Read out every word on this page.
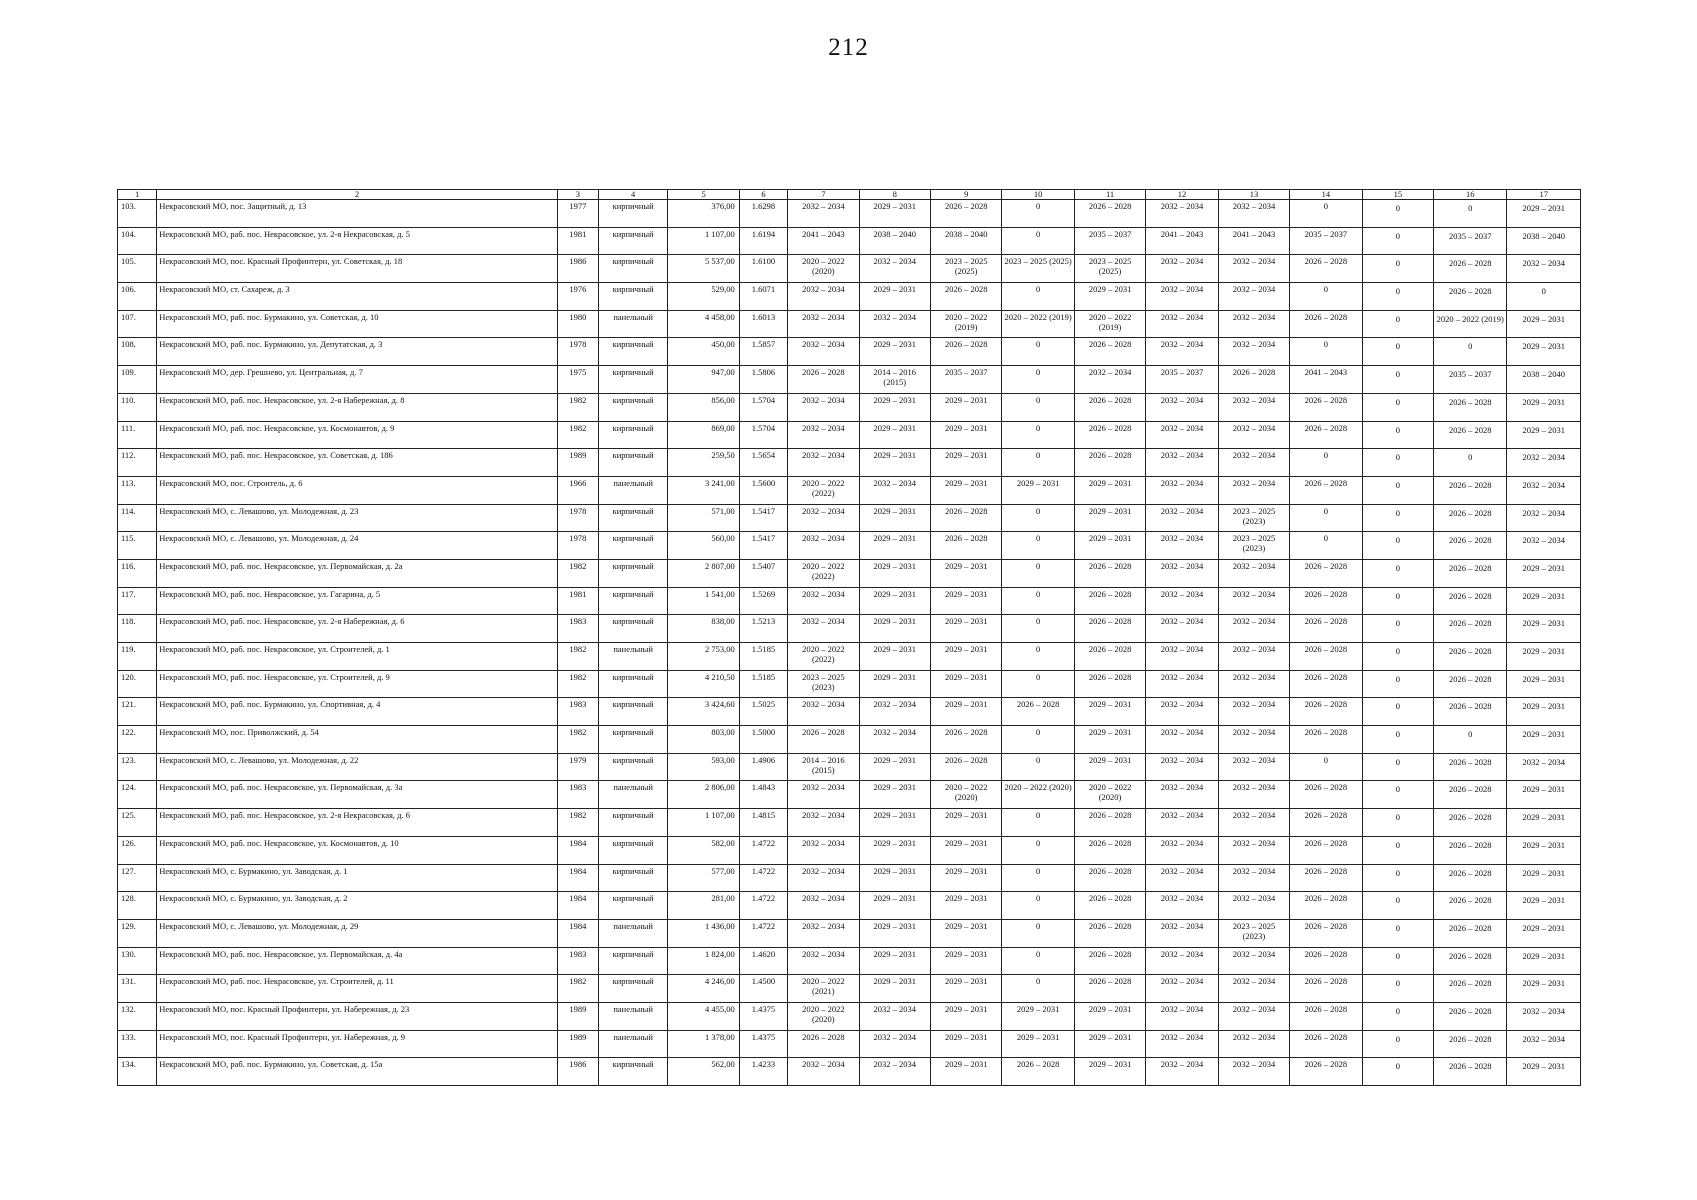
212
1	2	3	4	5	6	7	8	9	10	11	12	13	14	15	16	17
103.	Некрасовский МО, пос. Защитный, д. 13	1977	кирпичный	376,00	1.6298	2032 – 2034	2029 – 2031	2026 – 2028	0	2026 – 2028	2032 – 2034	2032 – 2034	0	0	0	2029 – 2031
104.	Некрасовский МО, раб. пос. Некрасовское, ул. 2-я Некрасовская, д. 5	1981	кирпичный	1 107,00	1.6194	2041 – 2043	2038 – 2040	2038 – 2040	0	2035 – 2037	2041 – 2043	2041 – 2043	2035 – 2037	0	2035 – 2037	2038 – 2040
105.	Некрасовский МО, пос. Красный Профинтерн, ул. Советская, д. 18	1986	кирпичный	5 537,00	1.6100	2020 – 2022 (2020)	2032 – 2034	2023 – 2025 (2025)	2023 – 2025 (2025)	2023 – 2025 (2025)	2032 – 2034	2032 – 2034	2026 – 2028	0	2026 – 2028	2032 – 2034
106.	Некрасовский МО, ст. Сахареж, д. 3	1976	кирпичный	529,00	1.6071	2032 – 2034	2029 – 2031	2026 – 2028	0	2029 – 2031	2032 – 2034	2032 – 2034	0	0	2026 – 2028	0
107.	Некрасовский МО, раб. пос. Бурмакино, ул. Советская, д. 10	1980	панельный	4 458,00	1.6013	2032 – 2034	2032 – 2034	2020 – 2022 (2019)	2020 – 2022 (2019)	2020 – 2022 (2019)	2032 – 2034	2032 – 2034	2026 – 2028	0	2020 – 2022 (2019)	2029 – 2031
108.	Некрасовский МО, раб. пос. Бурмакино, ул. Депутатская, д. 3	1978	кирпичный	450,00	1.5857	2032 – 2034	2029 – 2031	2026 – 2028	0	2026 – 2028	2032 – 2034	2032 – 2034	0	0	0	2029 – 2031
109.	Некрасовский МО, дер. Грешнево, ул. Центральная, д. 7	1975	кирпичный	947,00	1.5806	2026 – 2028	2014 – 2016 (2015)	2035 – 2037	0	2032 – 2034	2035 – 2037	2026 – 2028	2041 – 2043	0	2035 – 2037	2038 – 2040
110.	Некрасовский МО, раб. пос. Некрасовское, ул. 2-я Набережная, д. 8	1982	кирпичный	856,00	1.5704	2032 – 2034	2029 – 2031	2029 – 2031	0	2026 – 2028	2032 – 2034	2032 – 2034	2026 – 2028	0	2026 – 2028	2029 – 2031
111.	Некрасовский МО, раб. пос. Некрасовское, ул. Космонавтов, д. 9	1982	кирпичный	869,00	1.5704	2032 – 2034	2029 – 2031	2029 – 2031	0	2026 – 2028	2032 – 2034	2032 – 2034	2026 – 2028	0	2026 – 2028	2029 – 2031
112.	Некрасовский МО, раб. пос. Некрасовское, ул. Советская, д. 186	1989	кирпичный	259,50	1.5654	2032 – 2034	2029 – 2031	2029 – 2031	0	2026 – 2028	2032 – 2034	2032 – 2034	0	0	0	2032 – 2034
113.	Некрасовский МО, пос. Строитель, д. 6	1966	панельный	3 241,00	1.5600	2020 – 2022 (2022)	2032 – 2034	2029 – 2031	2029 – 2031	2029 – 2031	2032 – 2034	2032 – 2034	2026 – 2028	0	2026 – 2028	2032 – 2034
114.	Некрасовский МО, с. Левашово, ул. Молодежная, д. 23	1978	кирпичный	571,00	1.5417	2032 – 2034	2029 – 2031	2026 – 2028	0	2029 – 2031	2032 – 2034	2023 – 2025 (2023)	0	0	2026 – 2028	2032 – 2034
115.	Некрасовский МО, с. Левашово, ул. Молодежная, д. 24	1978	кирпичный	560,00	1.5417	2032 – 2034	2029 – 2031	2026 – 2028	0	2029 – 2031	2032 – 2034	2023 – 2025 (2023)	0	0	2026 – 2028	2032 – 2034
116.	Некрасовский МО, раб. пос. Некрасовское, ул. Первомайская, д. 2а	1982	кирпичный	2 807,00	1.5407	2020 – 2022 (2022)	2029 – 2031	2029 – 2031	0	2026 – 2028	2032 – 2034	2032 – 2034	2026 – 2028	0	2026 – 2028	2029 – 2031
117.	Некрасовский МО, раб. пос. Некрасовское, ул. Гагарина, д. 5	1981	кирпичный	1 541,00	1.5269	2032 – 2034	2029 – 2031	2029 – 2031	0	2026 – 2028	2032 – 2034	2032 – 2034	2026 – 2028	0	2026 – 2028	2029 – 2031
118.	Некрасовский МО, раб. пос. Некрасовское, ул. 2-я Набережная, д. 6	1983	кирпичный	838,00	1.5213	2032 – 2034	2029 – 2031	2029 – 2031	0	2026 – 2028	2032 – 2034	2032 – 2034	2026 – 2028	0	2026 – 2028	2029 – 2031
119.	Некрасовский МО, раб. пос. Некрасовское, ул. Строителей, д. 1	1982	панельный	2 753,00	1.5185	2020 – 2022 (2022)	2029 – 2031	2029 – 2031	0	2026 – 2028	2032 – 2034	2032 – 2034	2026 – 2028	0	2026 – 2028	2029 – 2031
120.	Некрасовский МО, раб. пос. Некрасовское, ул. Строителей, д. 9	1982	кирпичный	4 210,50	1.5185	2023 – 2025 (2023)	2029 – 2031	2029 – 2031	0	2026 – 2028	2032 – 2034	2032 – 2034	2026 – 2028	0	2026 – 2028	2029 – 2031
121.	Некрасовский МО, раб. пос. Бурмакино, ул. Спортивная, д. 4	1983	кирпичный	3 424,60	1.5025	2032 – 2034	2032 – 2034	2029 – 2031	2026 – 2028	2029 – 2031	2032 – 2034	2032 – 2034	2026 – 2028	0	2026 – 2028	2029 – 2031
122.	Некрасовский МО, пос. Приволжский, д. 54	1982	кирпичный	803,00	1.5000	2026 – 2028	2032 – 2034	2026 – 2028	0	2029 – 2031	2032 – 2034	2032 – 2034	2026 – 2028	0	0	2029 – 2031
123.	Некрасовский МО, с. Левашово, ул. Молодежная, д. 22	1979	кирпичный	593,00	1.4906	2014 – 2016 (2015)	2029 – 2031	2026 – 2028	0	2029 – 2031	2032 – 2034	2032 – 2034	0	0	2026 – 2028	2032 – 2034
124.	Некрасовский МО, раб. пос. Некрасовское, ул. Первомайская, д. 3а	1983	панельный	2 806,00	1.4843	2032 – 2034	2029 – 2031	2020 – 2022 (2020)	2020 – 2022 (2020)	2020 – 2022 (2020)	2032 – 2034	2032 – 2034	2026 – 2028	0	2026 – 2028	2029 – 2031
125.	Некрасовский МО, раб. пос. Некрасовское, ул. 2-я Некрасовская, д. 6	1982	кирпичный	1 107,00	1.4815	2032 – 2034	2029 – 2031	2029 – 2031	0	2026 – 2028	2032 – 2034	2032 – 2034	2026 – 2028	0	2026 – 2028	2029 – 2031
126.	Некрасовский МО, раб. пос. Некрасовское, ул. Космонавтов, д. 10	1984	кирпичный	582,00	1.4722	2032 – 2034	2029 – 2031	2029 – 2031	0	2026 – 2028	2032 – 2034	2032 – 2034	2026 – 2028	0	2026 – 2028	2029 – 2031
127.	Некрасовский МО, с. Бурмакино, ул. Заводская, д. 1	1984	кирпичный	577,00	1.4722	2032 – 2034	2029 – 2031	2029 – 2031	0	2026 – 2028	2032 – 2034	2032 – 2034	2026 – 2028	0	2026 – 2028	2029 – 2031
128.	Некрасовский МО, с. Бурмакино, ул. Заводская, д. 2	1984	кирпичный	281,00	1.4722	2032 – 2034	2029 – 2031	2029 – 2031	0	2026 – 2028	2032 – 2034	2032 – 2034	2026 – 2028	0	2026 – 2028	2029 – 2031
129.	Некрасовский МО, с. Левашово, ул. Молодежная, д. 29	1984	панельный	1 436,00	1.4722	2032 – 2034	2029 – 2031	2029 – 2031	0	2026 – 2028	2032 – 2034	2023 – 2025 (2023)	2026 – 2028	0	2026 – 2028	2029 – 2031
130.	Некрасовский МО, раб. пос. Некрасовское, ул. Первомайская, д. 4а	1983	кирпичный	1 824,00	1.4620	2032 – 2034	2029 – 2031	2029 – 2031	0	2026 – 2028	2032 – 2034	2032 – 2034	2026 – 2028	0	2026 – 2028	2029 – 2031
131.	Некрасовский МО, раб. пос. Некрасовское, ул. Строителей, д. 11	1982	кирпичный	4 246,00	1.4500	2020 – 2022 (2021)	2029 – 2031	2029 – 2031	0	2026 – 2028	2032 – 2034	2032 – 2034	2026 – 2028	0	2026 – 2028	2029 – 2031
132.	Некрасовский МО, пос. Красный Профинтерн, ул. Набережная, д. 23	1989	панельный	4 455,00	1.4375	2020 – 2022 (2020)	2032 – 2034	2029 – 2031	2029 – 2031	2029 – 2031	2032 – 2034	2032 – 2034	2026 – 2028	0	2026 – 2028	2032 – 2034
133.	Некрасовский МО, пос. Красный Профинтерн, ул. Набережная, д. 9	1989	панельный	1 378,00	1.4375	2026 – 2028	2032 – 2034	2029 – 2031	2029 – 2031	2029 – 2031	2032 – 2034	2032 – 2034	2026 – 2028	0	2026 – 2028	2032 – 2034
134.	Некрасовский МО, раб. пос. Бурмакино, ул. Советская, д. 15а	1986	кирпичный	562,00	1.4233	2032 – 2034	2032 – 2034	2029 – 2031	2026 – 2028	2029 – 2031	2032 – 2034	2032 – 2034	2026 – 2028	0	2026 – 2028	2029 – 2031
